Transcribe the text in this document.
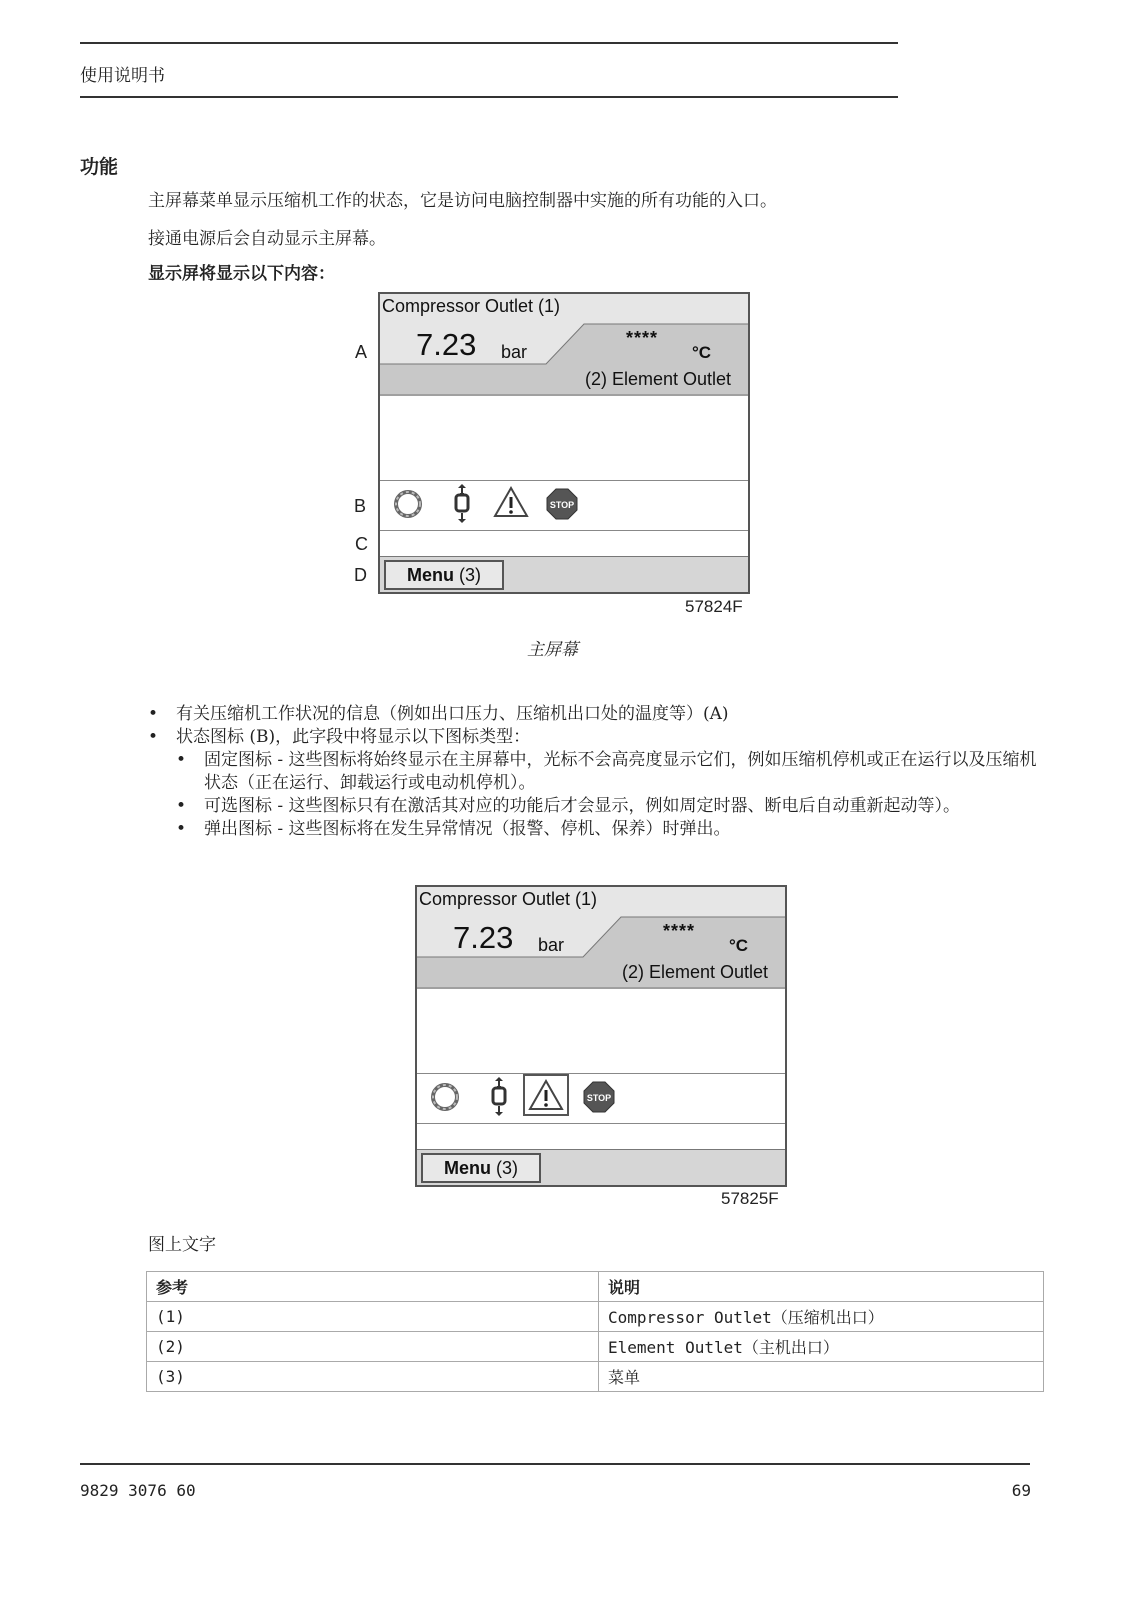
使用说明书
功能
主屏幕菜单显示压缩机工作的状态，它是访问电脑控制器中实施的所有功能的入口。
接通电源后会自动显示主屏幕。
显示屏将显示以下内容：
A
B
C
D
Compressor Outlet (1)
7.23 bar
****
°C
(2) Element Outlet
STOP
Menu (3)
57824F
主屏幕
• 有关压缩机工作状况的信息（例如出口压力、压缩机出口处的温度等）(A)
• 状态图标 (B)，此字段中将显示以下图标类型：
• 固定图标 - 这些图标将始终显示在主屏幕中，光标不会高亮度显示它们，例如压缩机停机或正在运行以及压缩机状态（正在运行、卸载运行或电动机停机）。
• 可选图标 - 这些图标只有在激活其对应的功能后才会显示，例如周定时器、断电后自动重新起动等）。
• 弹出图标 - 这些图标将在发生异常情况（报警、停机、保养）时弹出。
Compressor Outlet (1)
7.23 bar
****
°C
(2) Element Outlet
STOP
Menu (3)
57825F
图上文字
参考	说明
(1)	Compressor Outlet（压缩机出口）
(2)	Element Outlet（主机出口）
(3)	菜单
9829 3076 60	69
